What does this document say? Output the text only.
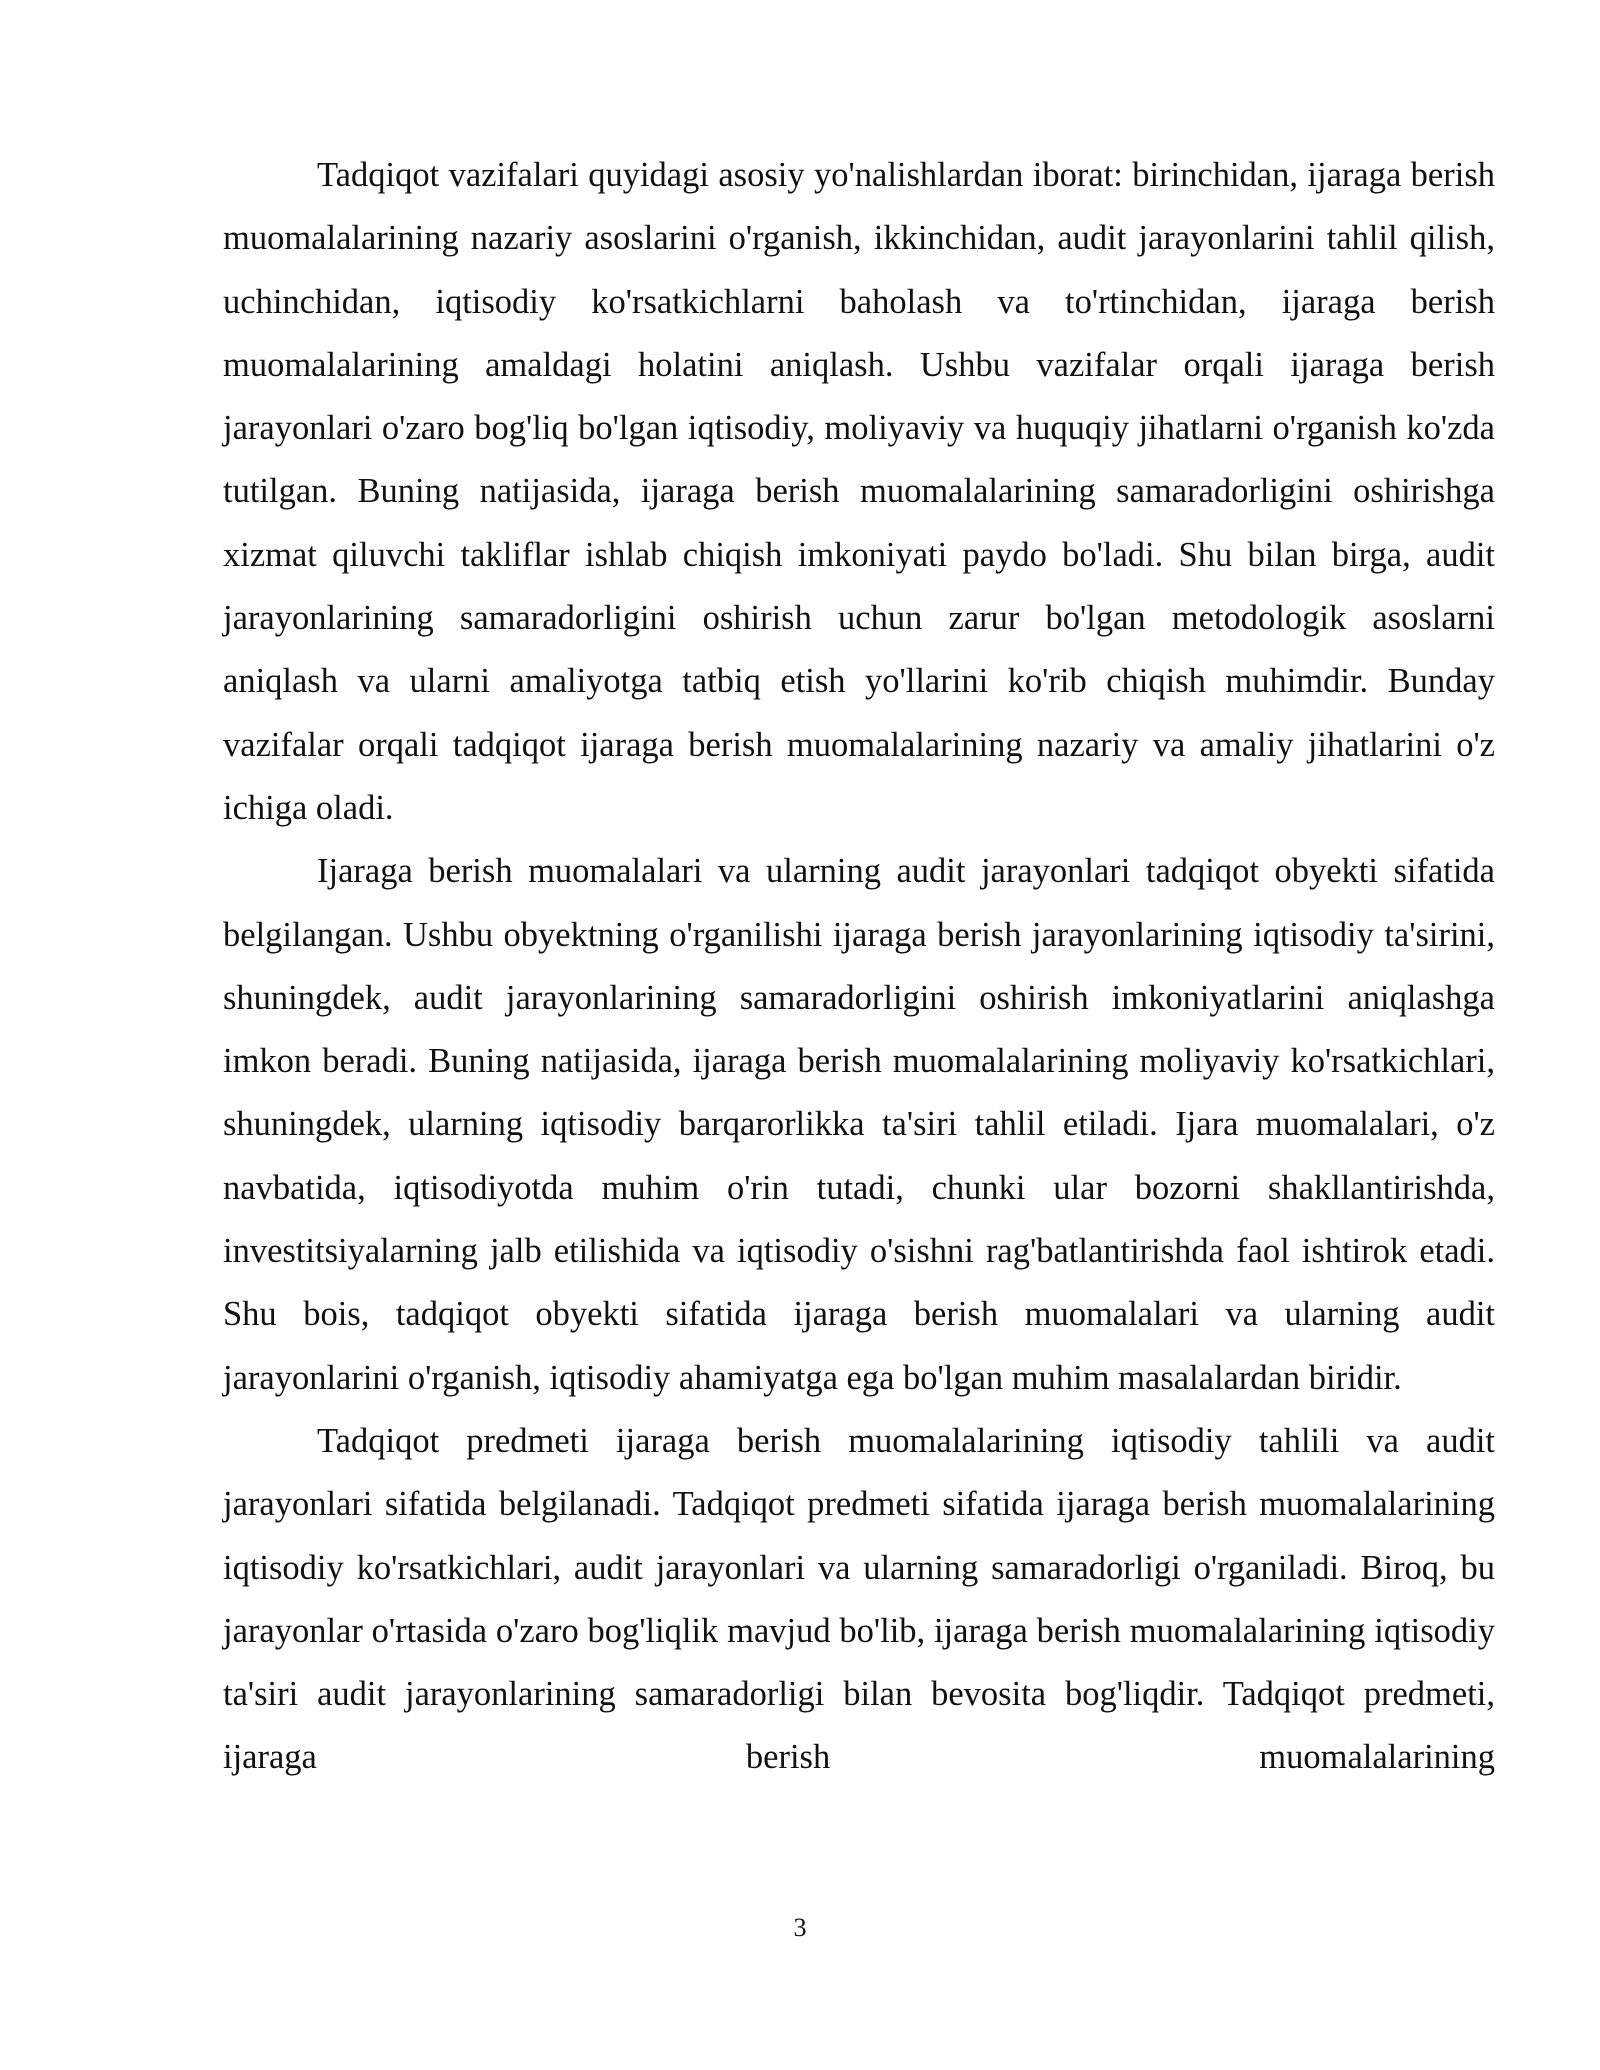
Tadqiqot vazifalari quyidagi asosiy yo'nalishlardan iborat: birinchidan, ijaraga berish muomalalarining nazariy asoslarini o'rganish, ikkinchidan, audit jarayonlarini tahlil qilish, uchinchidan, iqtisodiy ko'rsatkichlarni baholash va to'rtinchidan, ijaraga berish muomalalarining amaldagi holatini aniqlash. Ushbu vazifalar orqali ijaraga berish jarayonlari o'zaro bog'liq bo'lgan iqtisodiy, moliyaviy va huquqiy jihatlarni o'rganish ko'zda tutilgan. Buning natijasida, ijaraga berish muomalalarining samaradorligini oshirishga xizmat qiluvchi takliflar ishlab chiqish imkoniyati paydo bo'ladi. Shu bilan birga, audit jarayonlarining samaradorligini oshirish uchun zarur bo'lgan metodologik asoslarni aniqlash va ularni amaliyotga tatbiq etish yo'llarini ko'rib chiqish muhimdir. Bunday vazifalar orqali tadqiqot ijaraga berish muomalalarining nazariy va amaliy jihatlarini o'z ichiga oladi.

Ijaraga berish muomalalari va ularning audit jarayonlari tadqiqot obyekti sifatida belgilangan. Ushbu obyektning o'rganilishi ijaraga berish jarayonlarining iqtisodiy ta'sirini, shuningdek, audit jarayonlarining samaradorligini oshirish imkoniyatlarini aniqlashga imkon beradi. Buning natijasida, ijaraga berish muomalalarining moliyaviy ko'rsatkichlari, shuningdek, ularning iqtisodiy barqarorlikka ta'siri tahlil etiladi. Ijara muomalalari, o'z navbatida, iqtisodiyotda muhim o'rin tutadi, chunki ular bozorni shakllantirishda, investitsiyalarning jalb etilishida va iqtisodiy o'sishni rag'batlantirishda faol ishtirok etadi. Shu bois, tadqiqot obyekti sifatida ijaraga berish muomalalari va ularning audit jarayonlarini o'rganish, iqtisodiy ahamiyatga ega bo'lgan muhim masalalardan biridir.

Tadqiqot predmeti ijaraga berish muomalalarining iqtisodiy tahlili va audit jarayonlari sifatida belgilanadi. Tadqiqot predmeti sifatida ijaraga berish muomalalarining iqtisodiy ko'rsatkichlari, audit jarayonlari va ularning samaradorligi o'rganiladi. Biroq, bu jarayonlar o'rtasida o'zaro bog'liqlik mavjud bo'lib, ijaraga berish muomalalarining iqtisodiy ta'siri audit jarayonlarining samaradorligi bilan bevosita bog'liqdir. Tadqiqot predmeti, ijaraga berish muomalalarining

3
